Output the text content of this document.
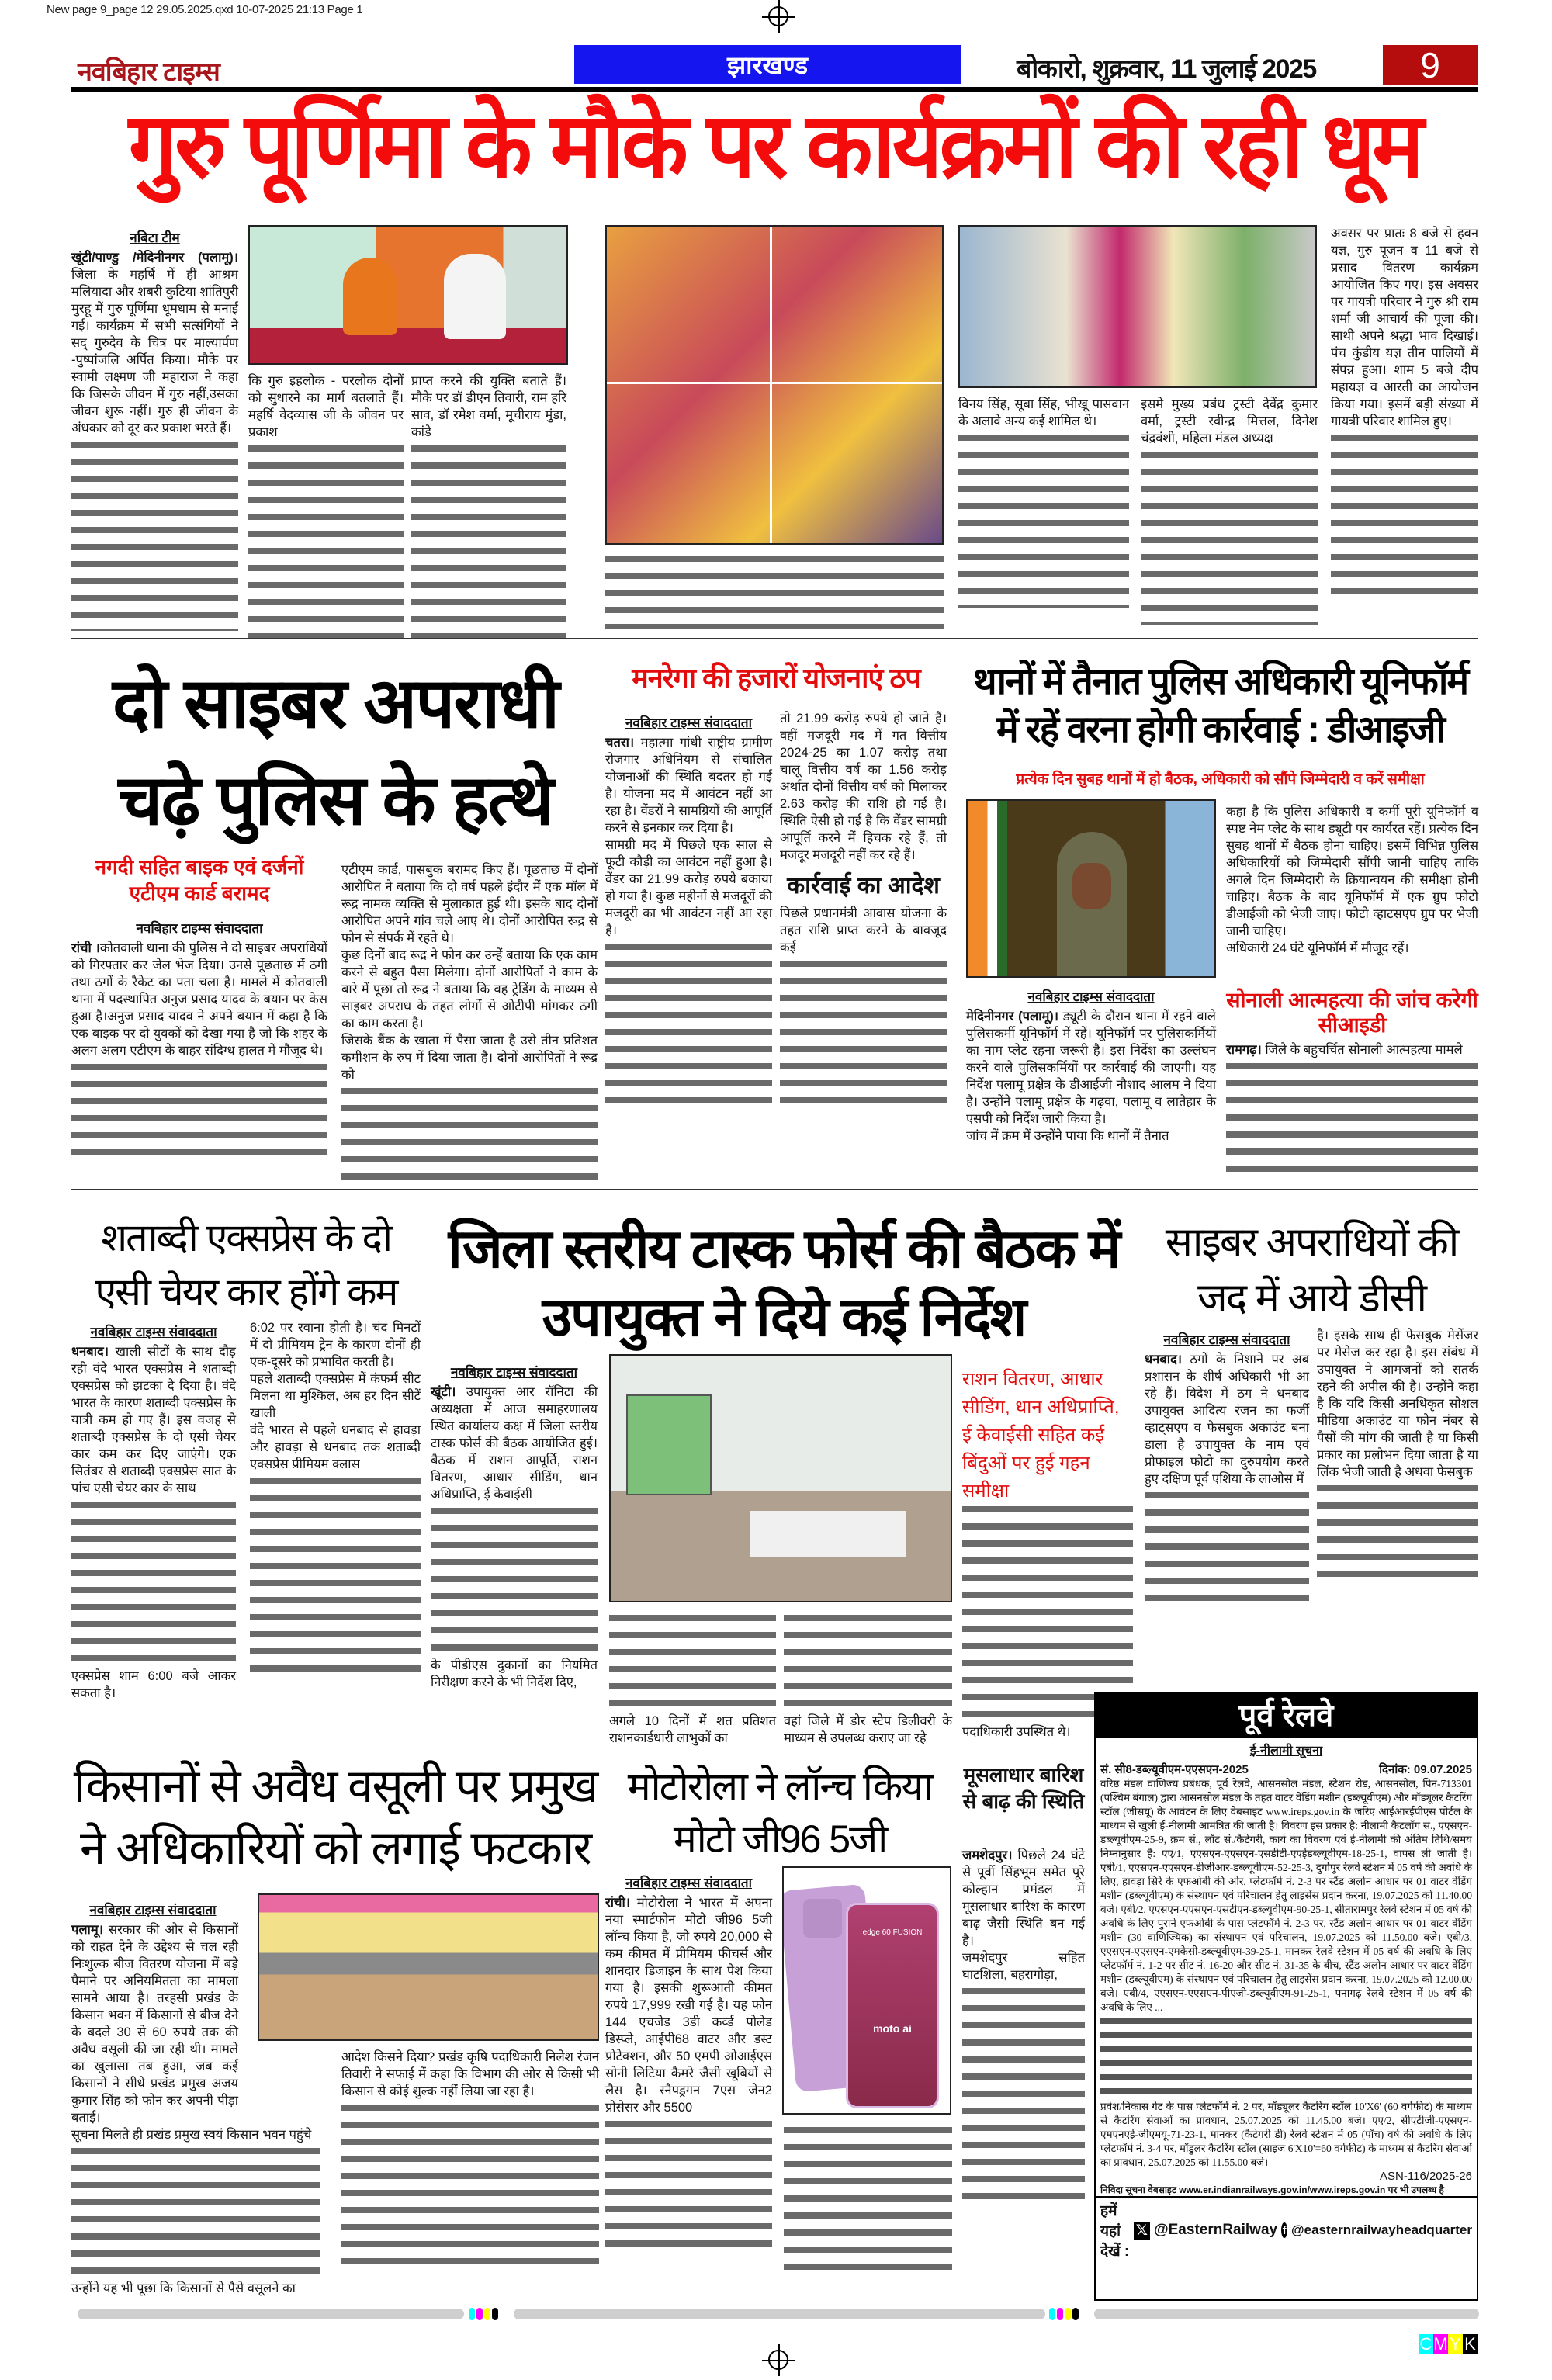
New page 9_page 12 29.05.2025.qxd 10-07-2025 21:13 Page 1
नवबिहार टाइम्स	झारखण्ड	बोकारो, शुक्रवार, 11 जुलाई 2025	9
गुरु पूर्णिमा के मौके पर कार्यक्रमों की रही धूम
नबिटा टीम
खूंटी/पाण्डु /मेदिनीनगर (पलामू)। जिला के महर्षि में हीं आश्रम मलियादा और शबरी कुटिया शांतिपुरी मुरहू में गुरु पूर्णिमा धूमधाम से मनाई गई। कार्यक्रम में सभी सत्संगियों ने सद् गुरुदेव के चित्र पर माल्यार्पण -पुष्पांजलि अर्पित किया। मौके पर स्वामी लक्ष्मण जी महाराज ने कहा कि जिसके जीवन में गुरु नहीं,उसका जीवन शुरू नहीं। गुरु ही जीवन के अंधकार को दूर कर प्रकाश भरते हैं।
कि गुरु इहलोक - परलोक दोनों को सुधारने का मार्ग बतलाते हैं। महर्षि वेदव्यास जी के जीवन पर प्रकाश
प्राप्त करने की युक्ति बताते हैं।मौके पर डॉ डीएन तिवारी, राम हरि साव, डॉ रमेश वर्मा, मूचीराय मुंडा, कांडे
विनय सिंह, सूबा सिंह, भीखू पासवान के अलावे अन्य कई शामिल थे।
इसमे मुख्य प्रबंध ट्रस्टी देवेंद्र कुमार वर्मा, ट्रस्टी रवीन्द्र मित्तल, दिनेश चंद्रवंशी, महिला मंडल अध्यक्ष
अवसर पर प्रातः 8 बजे से हवन यज्ञ, गुरु पूजन व 11 बजे से प्रसाद वितरण कार्यक्रम आयोजित किए गए। इस अवसर पर गायत्री परिवार ने गुरु श्री राम शर्मा जी आचार्य की पूजा की। साथी अपने श्रद्धा भाव दिखाई।पंच कुंडीय यज्ञ तीन पालियों में संपन्न हुआ। शाम 5 बजे दीप महायज्ञ व आरती का आयोजन किया गया। इसमें बड़ी संख्या में गायत्री परिवार शामिल हुए।
दो साइबर अपराधी चढ़े पुलिस के हत्थे
नगदी सहित बाइक एवं दर्जनों एटीएम कार्ड बरामद
नवबिहार टाइम्स संवाददाता
रांची ।कोतवाली थाना की पुलिस ने दो साइबर अपराधियों को गिरफ्तार कर जेल भेज दिया। उनसे पूछताछ में ठगी तथा ठगों के रैकेट का पता चला है। मामले में कोतवाली थाना में पदस्थापित अनुज प्रसाद यादव के बयान पर केस हुआ है।अनुज प्रसाद यादव ने अपने बयान में कहा है कि एक बाइक पर दो युवकों को देखा गया है जो कि शहर के अलग अलग एटीएम के बाहर संदिग्ध हालत में मौजूद थे।
एटीएम कार्ड, पासबुक बरामद किए हैं। पूछताछ में दोनों आरोपित ने बताया कि दो वर्ष पहले इंदौर में एक मॉल में रूद्र नामक व्यक्ति से मुलाकात हुई थी। इसके बाद दोनों आरोपित अपने गांव चले आए थे। दोनों आरोपित रूद्र से फोन से संपर्क में रहते थे।
कुछ दिनों बाद रूद्र ने फोन कर उन्हें बताया कि एक काम करने से बहुत पैसा मिलेगा। दोनों आरोपितों ने काम के बारे में पूछा तो रूद्र ने बताया कि वह ट्रेडिंग के माध्यम से साइबर अपराध के तहत लोगों से ओटीपी मांगकर ठगी का काम करता है।
जिसके बैंक के खाता में पैसा जाता है उसे तीन प्रतिशत कमीशन के रुप में दिया जाता है। दोनों आरोपितों ने रूद्र को
मनरेगा की हजारों योजनाएं ठप
नवबिहार टाइम्स संवाददाता
चतरा। महात्मा गांधी राष्ट्रीय ग्रामीण रोजगार अधिनियम से संचालित योजनाओं की स्थिति बदतर हो गई है। योजना मद में आवंटन नहीं आ रहा है। वेंडरों ने सामग्रियों की आपूर्ति करने से इनकार कर दिया है।
सामग्री मद में पिछले एक साल से फूटी कौड़ी का आवंटन नहीं हुआ है। वेंडर का 21.99 करोड़ रुपये बकाया हो गया है। कुछ महीनों से मजदूरों की मजदूरी का भी आवंटन नहीं आ रहा है।
तो 21.99 करोड़ रुपये हो जाते हैं। वहीं मजदूरी मद में गत वित्तीय 2024-25 का 1.07 करोड़ तथा चालू वित्तीय वर्ष का 1.56 करोड़ अर्थात दोनों वित्तीय वर्ष को मिलाकर 2.63 करोड़ की राशि हो गई है। स्थिति ऐसी हो गई है कि वेंडर सामग्री आपूर्ति करने में हिचक रहे हैं, तो मजदूर मजदूरी नहीं कर रहे हैं।
कार्रवाई का आदेश
पिछले प्रधानमंत्री आवास योजना के तहत राशि प्राप्त करने के बावजूद कई
थानों में तैनात पुलिस अधिकारी यूनिफॉर्म में रहें वरना होगी कार्रवाई : डीआइजी
प्रत्येक दिन सुबह थानों में हो बैठक, अधिकारी को सौंपे जिम्मेदारी व करें समीक्षा
कहा है कि पुलिस अधिकारी व कर्मी पूरी यूनिफॉर्म व स्पष्ट नेम प्लेट के साथ ड्यूटी पर कार्यरत रहें। प्रत्येक दिन सुबह थानों में बैठक होना चाहिए। इसमें विभिन्न पुलिस अधिकारियों को जिम्मेदारी सौंपी जानी चाहिए ताकि अगले दिन जिम्मेदारी के क्रियान्वयन की समीक्षा होनी चाहिए। बैठक के बाद यूनिफॉर्म में एक ग्रुप फोटो डीआईजी को भेजी जाए। फोटो व्हाटसएप ग्रुप पर भेजी जानी चाहिए।
अधिकारी 24 घंटे यूनिफॉर्म में मौजूद रहें।
नवबिहार टाइम्स संवाददाता
मेदिनीनगर (पलामू)। ड्यूटी के दौरान थाना में रहने वाले पुलिसकर्मी यूनिफॉर्म में रहें। यूनिफॉर्म पर पुलिसकर्मियों का नाम प्लेट रहना जरूरी है। इस निर्देश का उल्लंघन करने वाले पुलिसकर्मियों पर कार्रवाई की जाएगी। यह निर्देश पलामू प्रक्षेत्र के डीआईजी नौशाद आलम ने दिया है। उन्होंने पलामू प्रक्षेत्र के गढ़वा, पलामू व लातेहार के एसपी को निर्देश जारी किया है।
जांच में क्रम में उन्होंने पाया कि थानों में तैनात
सोनाली आत्महत्या की जांच करेगी सीआइडी
रामगढ़। जिले के बहुचर्चित सोनाली आत्महत्या मामले
शताब्दी एक्सप्रेस के दो एसी चेयर कार होंगे कम
नवबिहार टाइम्स संवाददाता
धनबाद। खाली सीटों के साथ दौड़ रही वंदे भारत एक्सप्रेस ने शताब्दी एक्सप्रेस को झटका दे दिया है। वंदे भारत के कारण शताब्दी एक्सप्रेस के यात्री कम हो गए हैं। इस वजह से शताब्दी एक्सप्रेस के दो एसी चेयर कार कम कर दिए जाएंगे। एक सितंबर से शताब्दी एक्सप्रेस सात के पांच एसी चेयर कार के साथ
एक्सप्रेस शाम 6:00 बजे आकर सकता है।
6:02 पर रवाना होती है। चंद मिनटों में दो प्रीमियम ट्रेन के कारण दोनों ही एक-दूसरे को प्रभावित करती है।
पहले शताब्दी एक्सप्रेस में कंफर्म सीट मिलना था मुश्किल, अब हर दिन सीटें खाली
वंदे भारत से पहले धनबाद से हावड़ा और हावड़ा से धनबाद तक शताब्दी एक्सप्रेस प्रीमियम क्लास
जिला स्तरीय टास्क फोर्स की बैठक में उपायुक्त ने दिये कई निर्देश
नवबिहार टाइम्स संवाददाता
खूंटी। उपायुक्त आर रॉनिटा की अध्यक्षता में आज समाहरणालय स्थित कार्यालय कक्ष में जिला स्तरीय टास्क फोर्स की बैठक आयोजित हुई। बैठक में राशन आपूर्ति, राशन वितरण, आधार सीडिंग, धान अधिप्राप्ति, ई केवाईसी
के पीडीएस दुकानों का नियमित निरीक्षण करने के भी निर्देश दिए,
राशन वितरण, आधार सीडिंग, धान अधिप्राप्ति, ई केवाईसी सहित कई बिंदुओं पर हुई गहन समीक्षा
पदाधिकारी उपस्थित थे।
अगले 10 दिनों में शत प्रतिशत राशनकार्डधारी लाभुकों का
वहां जिले में डोर स्टेप डिलीवरी के माध्यम से उपलब्ध कराए जा रहे
साइबर अपराधियों की जद में आये डीसी
नवबिहार टाइम्स संवाददाता
धनबाद। ठगों के निशाने पर अब प्रशासन के शीर्ष अधिकारी भी आ रहे हैं। विदेश में ठग ने धनबाद उपायुक्त आदित्य रंजन का फर्जी व्हाट्सएप व फेसबुक अकाउंट बना डाला है उपायुक्त के नाम एवं प्रोफाइल फोटो का दुरुपयोग करते हुए दक्षिण पूर्व एशिया के लाओस में
है। इसके साथ ही फेसबुक मेसेंजर पर मेसेज कर रहा है। इस संबंध में उपायुक्त ने आमजनों को सतर्क रहने की अपील की है। उन्होंने कहा है कि यदि किसी अनधिकृत सोशल मीडिया अकाउंट या फोन नंबर से पैसों की मांग की जाती है या किसी प्रकार का प्रलोभन दिया जाता है या लिंक भेजी जाती है अथवा फेसबुक
पूर्व रेलवे
ई-नीलामी सूचना
सं. सी8-डब्ल्यूवीएम-एएसएन-2025	दिनांक: 09.07.2025
वरिष्ठ मंडल वाणिज्य प्रबंधक, पूर्व रेलवे, आसनसोल मंडल, स्टेशन रोड, आसनसोल, पिन-713301 (पश्चिम बंगाल) द्वारा आसनसोल मंडल के तहत वाटर वेंडिंग मशीन (डब्ल्यूवीएम) और मॉड्यूलर कैटरिंग स्टॉल (जीसयू) के आवंटन के लिए वेबसाइट www.ireps.gov.in के जरिए आईआरईपीएस पोर्टल के माध्यम से खुली ई-नीलामी आमंत्रित की जाती है। विवरण इस प्रकार है: नीलामी कैटलॉग सं., एएसएन-डब्ल्यूवीएम-25-9, क्रम सं., लॉट सं./कैटेगरी, कार्य का विवरण एवं ई-नीलामी की अंतिम तिथि/समय निम्नानुसार हैं: एए/1, एएसएन-एएसएन-एसडीटी-एएईडब्ल्यूवीएम-18-25-1, वापस ली जाती है। एबी/1, एएसएन-एएसएन-डीजीआर-डब्ल्यूवीएम-52-25-3, दुर्गापुर रेलवे स्टेशन में 05 वर्ष की अवधि के लिए, हावड़ा सिरे के एफओबी की ओर, प्लेटफॉर्म नं. 2-3 पर स्टैंड अलोन आधार पर 01 वाटर वेंडिंग मशीन (डब्ल्यूवीएम) के संस्थापन एवं परिचालन हेतु लाइसेंस प्रदान करना, 19.07.2025 को 11.40.00 बजे। एबी/2, एएसएन-एएसएन-एसटीएन-डब्ल्यूवीएम-90-25-1, सीतारामपुर रेलवे स्टेशन में 05 वर्ष की अवधि के लिए पुराने एफओबी के पास प्लेटफॉर्म नं. 2-3 पर, स्टैंड अलोन आधार पर 01 वाटर वेंडिंग मशीन (30 वाणिज्यिक) का संस्थापन एवं परिचालन, 19.07.2025 को 11.50.00 बजे। एबी/3, एएसएन-एएसएन-एमकेसी-डब्ल्यूवीएम-39-25-1, मानकर रेलवे स्टेशन में 05 वर्ष की अवधि के लिए प्लेटफॉर्म नं. 1-2 पर सीट नं. 16-20 और सीट नं. 31-35 के बीच, स्टैंड अलोन आधार पर वाटर वेंडिंग मशीन (डब्ल्यूवीएम) के संस्थापन एवं परिचालन हेतु लाइसेंस प्रदान करना, 19.07.2025 को 12.00.00 बजे। एबी/4, एएसएन-एएसएन-पीएजी-डब्ल्यूवीएम-91-25-1, पनागढ़ रेलवे स्टेशन में 05 वर्ष की अवधि के लिए ...
प्रवेश/निकास गेट के पास प्लेटफॉर्म नं. 2 पर, मॉड्यूलर कैटरिंग स्टॉल 10'X6' (60 वर्गफीट) के माध्यम से कैटरिंग सेवाओं का प्रावधान, 25.07.2025 को 11.45.00 बजे। एए/2, सीएटीजी-एएसएन-एमएनएई-जीएमयू-71-23-1, मानकर (कैटेगरी डी) रेलवे स्टेशन में 05 (पाँच) वर्ष की अवधि के लिए प्लेटफॉर्म नं. 3-4 पर, मॉडुलर कैटरिंग स्टॉल (साइज 6'X10'=60 वर्गफीट) के माध्यम से कैटरिंग सेवाओं का प्रावधान, 25.07.2025 को 11.55.00 बजे।
ASN-116/2025-26
निविदा सूचना वेबसाइट www.er.indianrailways.gov.in/www.ireps.gov.in पर भी उपलब्ध है
हमें यहां देखें :
𝕏 @EasternRailway f @easternrailwayheadquarter
किसानों से अवैध वसूली पर प्रमुख ने अधिकारियों को लगाई फटकार
नवबिहार टाइम्स संवाददाता
पलामू। सरकार की ओर से किसानों को राहत देने के उद्देश्य से चल रही निःशुल्क बीज वितरण योजना में बड़े पैमाने पर अनियमितता का मामला सामने आया है। तरहसी प्रखंड के किसान भवन में किसानों से बीज देने के बदले 30 से 60 रुपये तक की अवैध वसूली की जा रही थी। मामले का खुलासा तब हुआ, जब कई किसानों ने सीधे प्रखंड प्रमुख अजय कुमार सिंह को फोन कर अपनी पीड़ा बताई।
सूचना मिलते ही प्रखंड प्रमुख स्वयं किसान भवन पहुंचे
उन्होंने यह भी पूछा कि किसानों से पैसे वसूलने का
आदेश किसने दिया? प्रखंड कृषि पदाधिकारी निलेश रंजन तिवारी ने सफाई में कहा कि विभाग की ओर से किसी भी किसान से कोई शुल्क नहीं लिया जा रहा है।
मोटोरोला ने लॉन्च किया मोटो जी96 5जी
नवबिहार टाइम्स संवाददाता
रांची। मोटोरोला ने भारत में अपना नया स्मार्टफोन मोटो जी96 5जी लॉन्च किया है, जो रुपये 20,000 से कम कीमत में प्रीमियम फीचर्स और शानदार डिजाइन के साथ पेश किया गया है। इसकी शुरूआती कीमत रुपये 17,999 रखी गई है। यह फोन 144 एचजेड 3डी कर्व्ड पोलेड डिस्प्ले, आईपी68 वाटर और डस्ट प्रोटेक्शन, और 50 एमपी ओआईएस सोनी लिटिया कैमरे जैसी खूबियों से लैस है। स्नैपड्रगन 7एस जेन2 प्रोसेसर और 5500
edge 60 FUSION
moto ai
मूसलाधार बारिश से बाढ़ की स्थिति
जमशेदपुर। पिछले 24 घंटे से पूर्वी सिंहभूम समेत पूरे कोल्हान प्रमंडल में मूसलाधार बारिश के कारण बाढ़ जैसी स्थिति बन गई है।
जमशेदपुर सहित घाटशिला, बहरागोड़ा,
C M Y K
